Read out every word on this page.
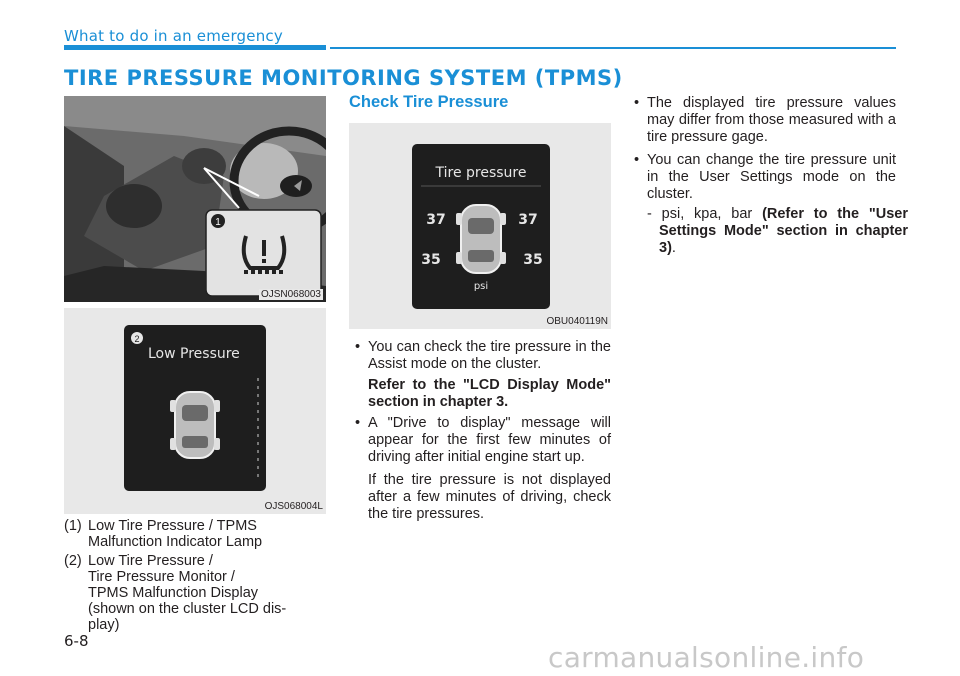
What to do in an emergency
TIRE PRESSURE MONITORING SYSTEM (TPMS)
1
OJSN068003
2
Low Pressure
OJS068004L
(1) Low Tire Pressure / TPMS
Malfunction Indicator Lamp
(2) Low Tire Pressure /
Tire Pressure Monitor /
TPMS Malfunction Display
(shown on the cluster LCD dis-
play)
Check Tire Pressure
Tire pressure
37	37
35	35
psi
OBU040119N
• You can check the tire pressure in the Assist mode on the cluster.
Refer to the "LCD Display Mode" section in chapter 3.
• A "Drive to display" message will appear for the first few minutes of driving after initial engine start up.
If the tire pressure is not displayed after a few minutes of driving, check the tire pressures.
• The displayed tire pressure values may differ from those measured with a tire pressure gage.
• You can change the tire pressure unit in the User Settings mode on the cluster.
- psi, kpa, bar (Refer to the "User Settings Mode" section in chapter 3).
6-8	carmanualsonline.info
